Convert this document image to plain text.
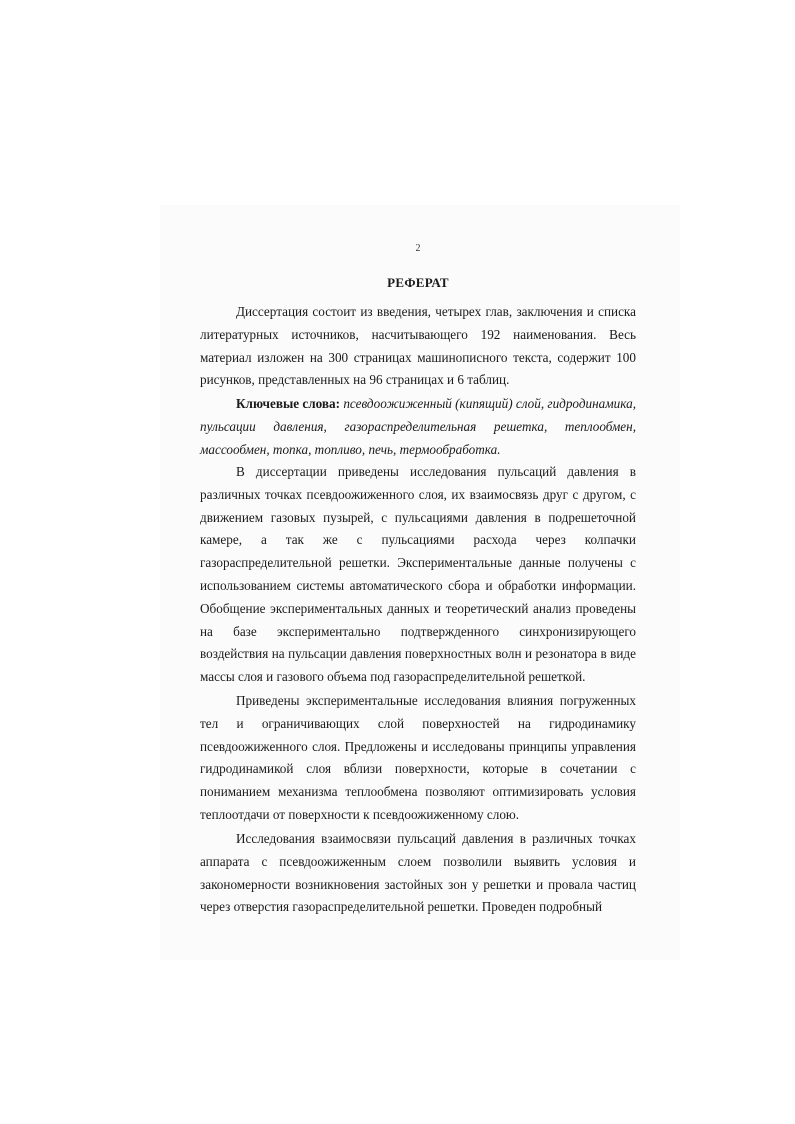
2
РЕФЕРАТ

Диссертация состоит из введения, четырех глав, заключения и списка литературных источников, насчитывающего 192 наименования. Весь материал изложен на 300 страницах машинописного текста, содержит 100 рисунков, представленных на 96 страницах и 6 таблиц.

Ключевые слова: псевдоожиженный (кипящий) слой, гидродинамика, пульсации давления, газораспределительная решетка, теплообмен, массообмен, топка, топливо, печь, термообработка.

В диссертации приведены исследования пульсаций давления в различных точках псевдоожиженного слоя, их взаимосвязь друг с другом, с движением газовых пузырей, с пульсациями давления в подрешеточной камере, а так же с пульсациями расхода через колпачки газораспределительной решетки. Экспериментальные данные получены с использованием системы автоматического сбора и обработки информации. Обобщение экспериментальных данных и теоретический анализ проведены на базе экспериментально подтвержденного синхронизирующего воздействия на пульсации давления поверхностных волн и резонатора в виде массы слоя и газового объема под газораспределительной решеткой.

Приведены экспериментальные исследования влияния погруженных тел и ограничивающих слой поверхностей на гидродинамику псевдоожиженного слоя. Предложены и исследованы принципы управления гидродинамикой слоя вблизи поверхности, которые в сочетании с пониманием механизма теплообмена позволяют оптимизировать условия теплоотдачи от поверхности к псевдоожиженному слою.

Исследования взаимосвязи пульсаций давления в различных точках аппарата с псевдоожиженным слоем позволили выявить условия и закономерности возникновения застойных зон у решетки и провала частиц через отверстия газораспределительной решетки. Проведен подробный
